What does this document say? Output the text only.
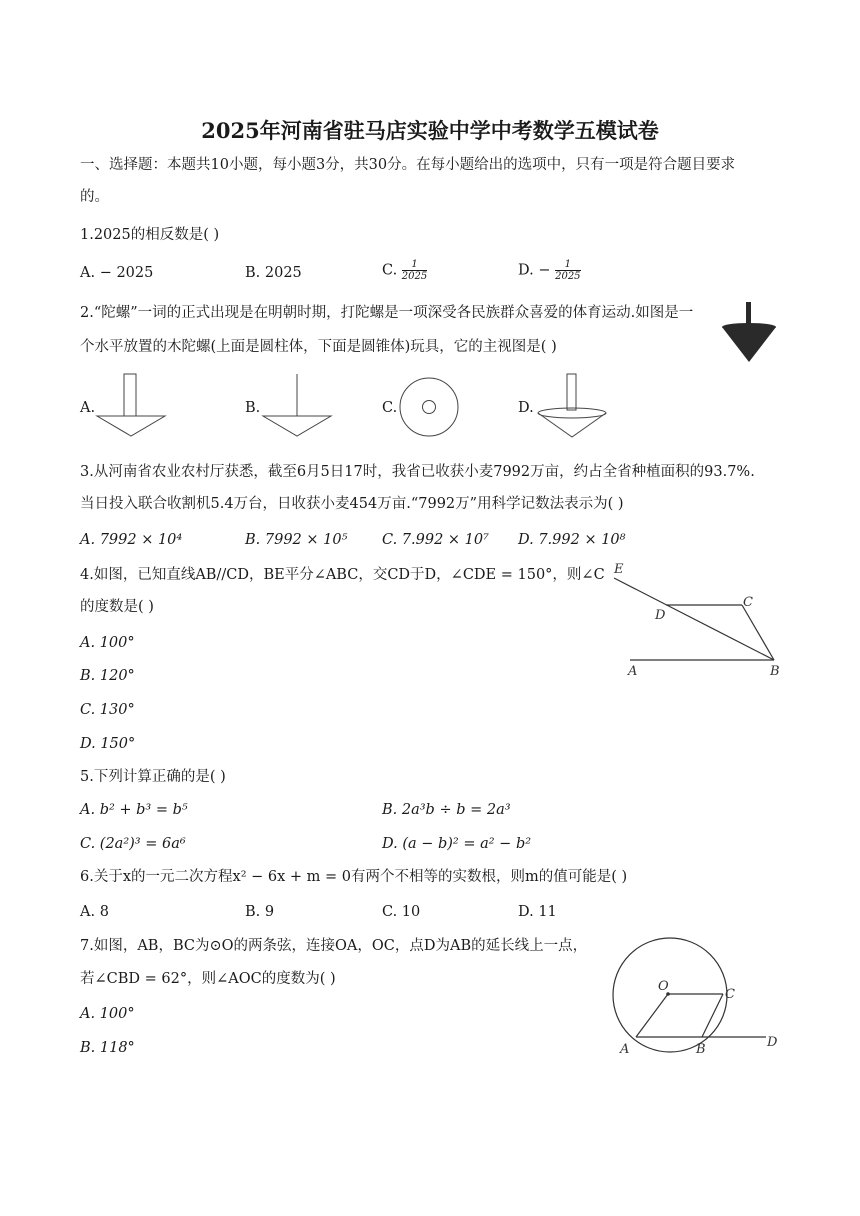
2025年河南省驻马店实验中学中考数学五模试卷
一、选择题：本题共10小题，每小题3分，共30分。在每小题给出的选项中，只有一项是符合题目要求
的。
1.2025的相反数是( )
A. − 2025	B. 2025	C. $\frac{1}{2025}$	D. − $\frac{1}{2025}$
2.“陀螺”一词的正式出现是在明朝时期，打陀螺是一项深受各民族群众喜爱的体育运动.如图是一
个水平放置的木陀螺(上面是圆柱体，下面是圆锥体)玩具，它的主视图是( )
A.	B.	C.	D.
3.从河南省农业农村厅获悉，截至6月5日17时，我省已收获小麦7992万亩，约占全省种植面积的93.7%.
当日投入联合收割机5.4万台，日收获小麦454万亩.“7992万”用科学记数法表示为( )
A. 7992 × 10⁴	B. 7992 × 10⁵ C. 7.992 × 10⁷ D. 7.992 × 10⁸
4.如图，已知直线AB//CD，BE平分∠ABC，交CD于D，∠CDE = 150°，则∠C
的度数是( )
A. 100°
B. 120°
C. 130°
D. 150°
E
D
C
A	B
5.下列计算正确的是( )
A. b² + b³ = b⁵	B. 2a³b ÷ b = 2a³
C. (2a²)³ = 6a⁶	D. (a − b)² = a² − b²
6.关于x的一元二次方程x² − 6x + m = 0有两个不相等的实数根，则m的值可能是( )
A. 8	B. 9	C. 10	D. 11
7.如图，AB，BC为⊙O的两条弦，连接OA，OC，点D为AB的延长线上一点，
若∠CBD = 62°，则∠AOC的度数为( )
A. 100°
B. 118°
O
C
A	B	D
